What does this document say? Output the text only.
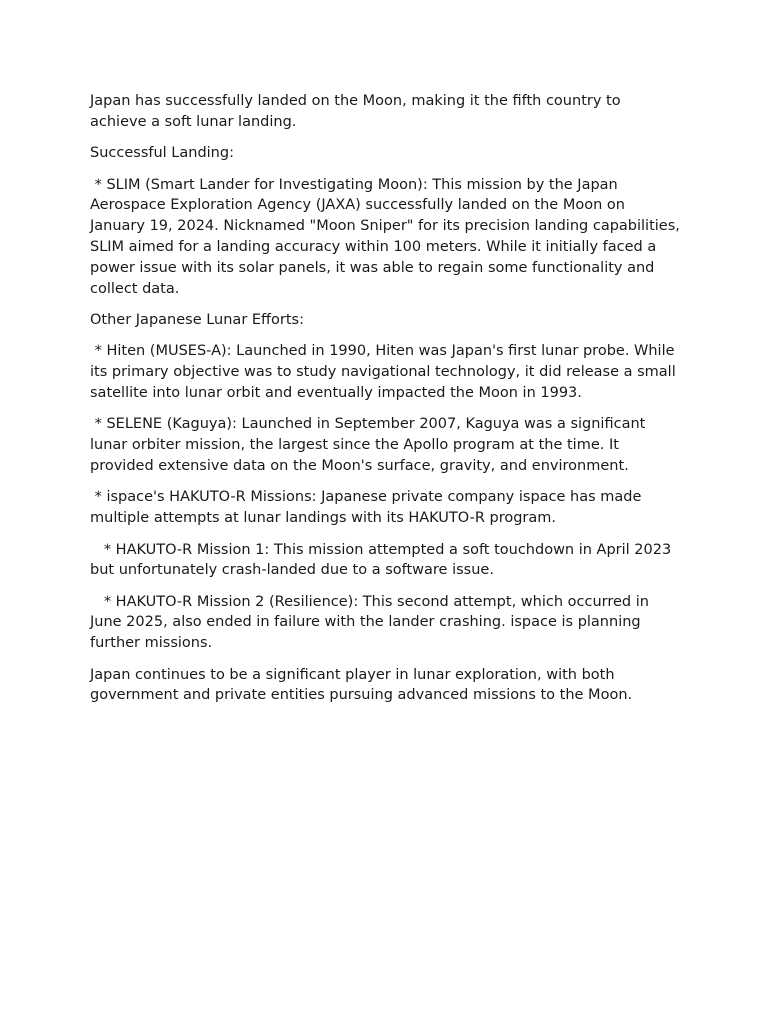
Japan has successfully landed on the Moon, making it the fifth country to achieve a soft lunar landing.

Successful Landing:

* SLIM (Smart Lander for Investigating Moon): This mission by the Japan Aerospace Exploration Agency (JAXA) successfully landed on the Moon on January 19, 2024. Nicknamed "Moon Sniper" for its precision landing capabilities, SLIM aimed for a landing accuracy within 100 meters. While it initially faced a power issue with its solar panels, it was able to regain some functionality and collect data.

Other Japanese Lunar Efforts:

* Hiten (MUSES-A): Launched in 1990, Hiten was Japan's first lunar probe. While its primary objective was to study navigational technology, it did release a small satellite into lunar orbit and eventually impacted the Moon in 1993.

* SELENE (Kaguya): Launched in September 2007, Kaguya was a significant lunar orbiter mission, the largest since the Apollo program at the time. It provided extensive data on the Moon's surface, gravity, and environment.

* ispace's HAKUTO-R Missions: Japanese private company ispace has made multiple attempts at lunar landings with its HAKUTO-R program.

* HAKUTO-R Mission 1: This mission attempted a soft touchdown in April 2023 but unfortunately crash-landed due to a software issue.

* HAKUTO-R Mission 2 (Resilience): This second attempt, which occurred in June 2025, also ended in failure with the lander crashing. ispace is planning further missions.

Japan continues to be a significant player in lunar exploration, with both government and private entities pursuing advanced missions to the Moon.
